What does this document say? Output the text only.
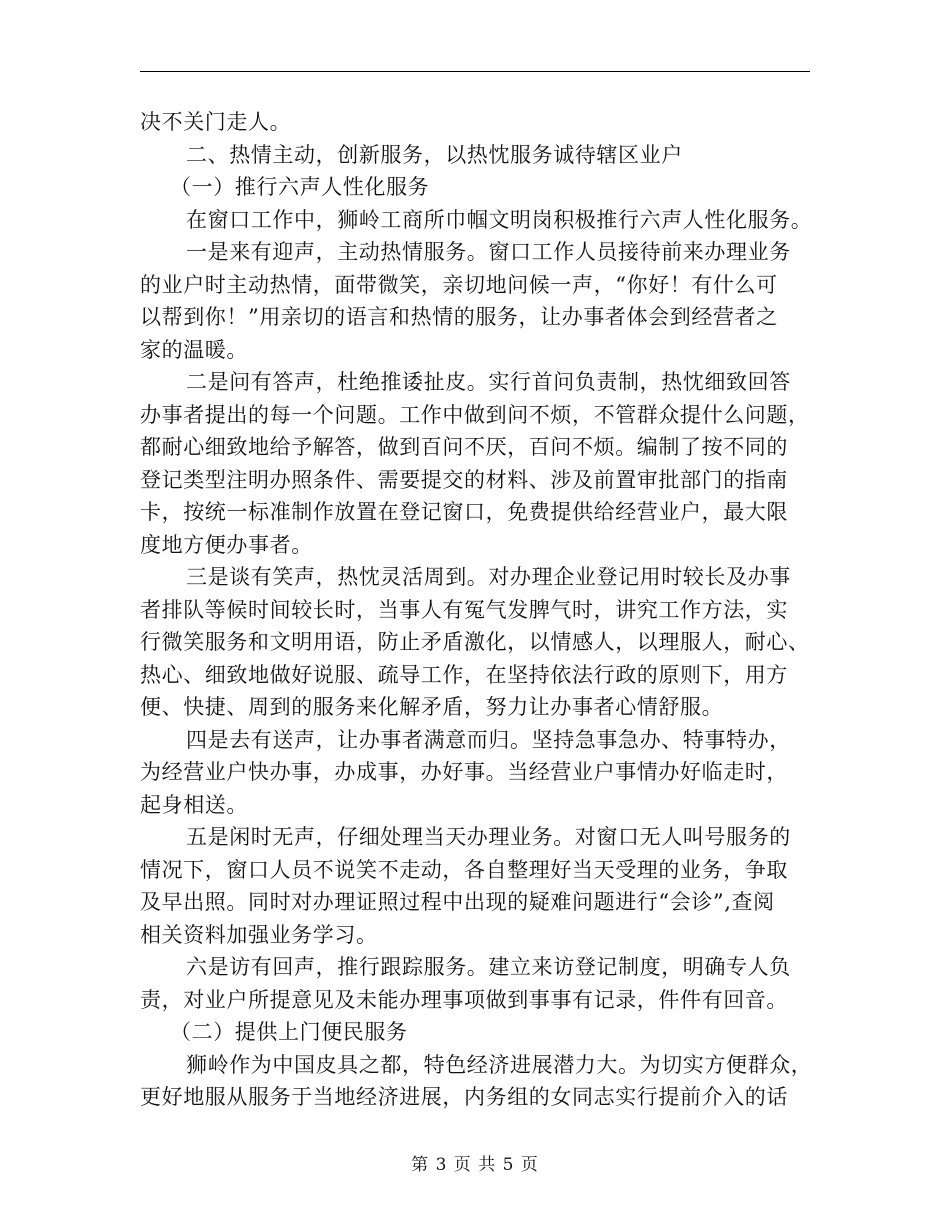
决不关门走人。
二、热情主动，创新服务，以热忱服务诚待辖区业户
（一）推行六声人性化服务
在窗口工作中，狮岭工商所巾帼文明岗积极推行六声人性化服务。
一是来有迎声，主动热情服务。窗口工作人员接待前来办理业务
的业户时主动热情，面带微笑，亲切地问候一声，“你好！有什么可
以帮到你！”用亲切的语言和热情的服务，让办事者体会到经营者之
家的温暖。
二是问有答声，杜绝推诿扯皮。实行首问负责制，热忱细致回答
办事者提出的每一个问题。工作中做到问不烦，不管群众提什么问题，
都耐心细致地给予解答，做到百问不厌，百问不烦。编制了按不同的
登记类型注明办照条件、需要提交的材料、涉及前置审批部门的指南
卡，按统一标准制作放置在登记窗口，免费提供给经营业户，最大限
度地方便办事者。
三是谈有笑声，热忱灵活周到。对办理企业登记用时较长及办事
者排队等候时间较长时，当事人有冤气发脾气时，讲究工作方法，实
行微笑服务和文明用语，防止矛盾激化，以情感人，以理服人，耐心、
热心、细致地做好说服、疏导工作，在坚持依法行政的原则下，用方
便、快捷、周到的服务来化解矛盾，努力让办事者心情舒服。
四是去有送声，让办事者满意而归。坚持急事急办、特事特办，
为经营业户快办事，办成事，办好事。当经营业户事情办好临走时，
起身相送。
五是闲时无声，仔细处理当天办理业务。对窗口无人叫号服务的
情况下，窗口人员不说笑不走动，各自整理好当天受理的业务，争取
及早出照。同时对办理证照过程中出现的疑难问题进行“会诊”,查阅
相关资料加强业务学习。
六是访有回声，推行跟踪服务。建立来访登记制度，明确专人负
责，对业户所提意见及未能办理事项做到事事有记录，件件有回音。
（二）提供上门便民服务
狮岭作为中国皮具之都，特色经济进展潜力大。为切实方便群众，
更好地服从服务于当地经济进展，内务组的女同志实行提前介入的话
第 3 页 共 5 页
